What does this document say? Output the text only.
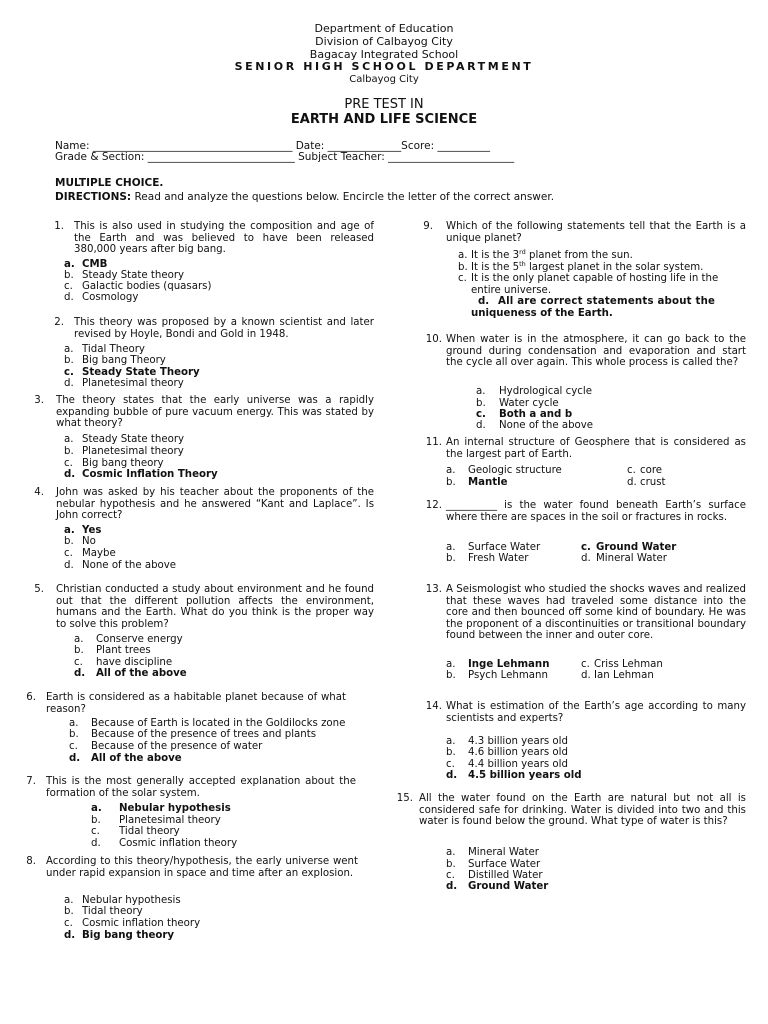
Department of Education
Division of Calbayog City
Bagacay Integrated School
SENIOR HIGH SCHOOL DEPARTMENT
Calbayog City
PRE TEST IN
EARTH AND LIFE SCIENCE
Name: ______________________________________ Date: ______________Score: __________
Grade & Section: ____________________________ Subject Teacher: ________________________
MULTIPLE CHOICE.
DIRECTIONS: Read and analyze the questions below. Encircle the letter of the correct answer.
1. This is also used in studying the composition and age of the Earth and was believed to have been released 380,000 years after big bang.
a. CMB
b. Steady State theory
c. Galactic bodies (quasars)
d. Cosmology
2. This theory was proposed by a known scientist and later revised by Hoyle, Bondi and Gold in 1948.
a. Tidal Theory
b. Big bang Theory
c. Steady State Theory
d. Planetesimal theory
3. The theory states that the early universe was a rapidly expanding bubble of pure vacuum energy. This was stated by what theory?
a. Steady State theory
b. Planetesimal theory
c. Big bang theory
d. Cosmic Inflation Theory
4. John was asked by his teacher about the proponents of the nebular hypothesis and he answered “Kant and Laplace”. Is John correct?
a. Yes
b. No
c. Maybe
d. None of the above
5. Christian conducted a study about environment and he found out that the different pollution affects the environment, humans and the Earth. What do you think is the proper way to solve this problem?
a. Conserve energy
b. Plant trees
c. have discipline
d. All of the above
6. Earth is considered as a habitable planet because of what reason?
a. Because of Earth is located in the Goldilocks zone
b. Because of the presence of trees and plants
c. Because of the presence of water
d. All of the above
7. This is the most generally accepted explanation about the formation of the solar system.
a. Nebular hypothesis
b. Planetesimal theory
c. Tidal theory
d. Cosmic inflation theory
8. According to this theory/hypothesis, the early universe went under rapid expansion in space and time after an explosion.
a. Nebular hypothesis
b. Tidal theory
c. Cosmic inflation theory
d. Big bang theory
9. Which of the following statements tell that the Earth is a unique planet?
a. It is the 3rd planet from the sun.
b. It is the 5th largest planet in the solar system.
c. It is the only planet capable of hosting life in the
entire universe.
d. All are correct statements about the
uniqueness of the Earth.
10. When water is in the atmosphere, it can go back to the ground during condensation and evaporation and start the cycle all over again. This whole process is called the?
a. Hydrological cycle
b. Water cycle
c. Both a and b
d. None of the above
11. An internal structure of Geosphere that is considered as the largest part of Earth.
a. Geologic structure
b. Mantle
c. core
d. crust
12. __________ is the water found beneath Earth’s surface where there are spaces in the soil or fractures in rocks.
a. Surface Water
b. Fresh Water
c. Ground Water
d. Mineral Water
13. A Seismologist who studied the shocks waves and realized that these waves had traveled some distance into the core and then bounced off some kind of boundary. He was the proponent of a discontinuities or transitional boundary found between the inner and outer core.
a. Inge Lehmann
b. Psych Lehmann
c. Criss Lehman
d. Ian Lehman
14. What is estimation of the Earth’s age according to many scientists and experts?
a. 4.3 billion years old
b. 4.6 billion years old
c. 4.4 billion years old
d. 4.5 billion years old
15. All the water found on the Earth are natural but not all is considered safe for drinking. Water is divided into two and this water is found below the ground. What type of water is this?
a. Mineral Water
b. Surface Water
c. Distilled Water
d. Ground Water
